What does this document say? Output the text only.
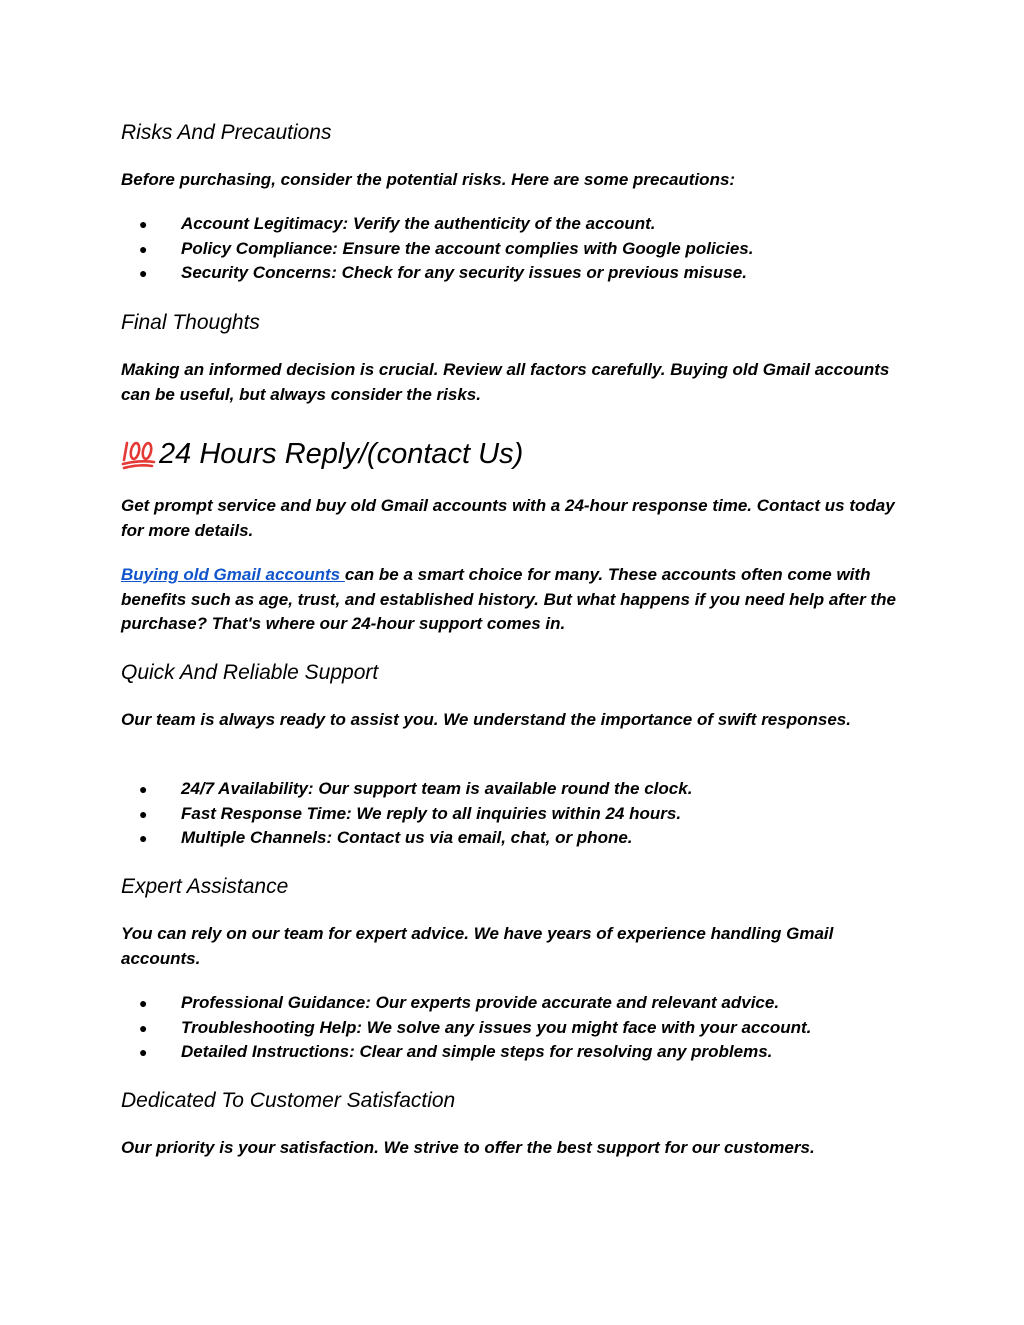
Risks And Precautions

Before purchasing, consider the potential risks. Here are some precautions:

● Account Legitimacy: Verify the authenticity of the account.
● Policy Compliance: Ensure the account complies with Google policies.
● Security Concerns: Check for any security issues or previous misuse.
Final Thoughts

Making an informed decision is crucial. Review all factors carefully. Buying old Gmail accounts can be useful, but always consider the risks.

24 Hours Reply/(contact Us)

Get prompt service and buy old Gmail accounts with a 24-hour response time. Contact us today for more details.

Buying old Gmail accounts can be a smart choice for many. These accounts often come with benefits such as age, trust, and established history. But what happens if you need help after the purchase? That's where our 24-hour support comes in.

Quick And Reliable Support

Our team is always ready to assist you. We understand the importance of swift responses.

● 24/7 Availability: Our support team is available round the clock.
● Fast Response Time: We reply to all inquiries within 24 hours.
● Multiple Channels: Contact us via email, chat, or phone.
Expert Assistance

You can rely on our team for expert advice. We have years of experience handling Gmail accounts.

● Professional Guidance: Our experts provide accurate and relevant advice.
● Troubleshooting Help: We solve any issues you might face with your account.
● Detailed Instructions: Clear and simple steps for resolving any problems.
Dedicated To Customer Satisfaction

Our priority is your satisfaction. We strive to offer the best support for our customers.
